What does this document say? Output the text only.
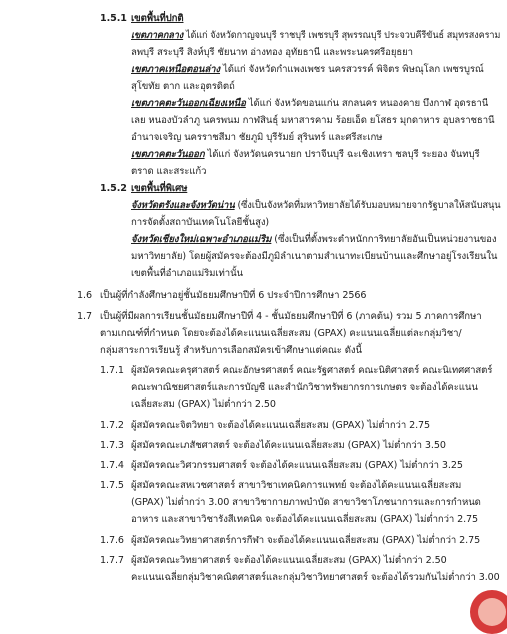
1.5.1 เขตพื้นที่ปกติ
เขตภาคกลาง ได้แก่ จังหวัดกาญจนบุรี ราชบุรี เพชรบุรี สุพรรณบุรี ประจวบคีรีขันธ์ สมุทรสงคราม
ลพบุรี สระบุรี สิงห์บุรี ชัยนาท อ่างทอง อุทัยธานี และพระนครศรีอยุธยา
เขตภาคเหนือตอนล่าง ได้แก่ จังหวัดกำแพงเพชร นครสวรรค์ พิจิตร พิษณุโลก เพชรบูรณ์
สุโขทัย ตาก และอุตรดิตถ์
เขตภาคตะวันออกเฉียงเหนือ ได้แก่ จังหวัดขอนแก่น สกลนคร หนองคาย บึงกาฬ อุดรธานี
เลย หนองบัวลำภู นครพนม กาฬสินธุ์ มหาสารคาม ร้อยเอ็ด ยโสธร มุกดาหาร อุบลราชธานี
อำนาจเจริญ นครราชสีมา ชัยภูมิ บุรีรัมย์ สุรินทร์ และศรีสะเกษ
เขตภาคตะวันออก ได้แก่ จังหวัดนครนายก ปราจีนบุรี ฉะเชิงเทรา ชลบุรี ระยอง จันทบุรี
ตราด และสระแก้ว
1.5.2 เขตพื้นที่พิเศษ
จังหวัดตรังและจังหวัดน่าน (ซึ่งเป็นจังหวัดที่มหาวิทยาลัยได้รับมอบหมายจากรัฐบาลให้สนับสนุน
การจัดตั้งสถาบันเทคโนโลยีชั้นสูง)
จังหวัดเชียงใหม่เฉพาะอำเภอแม่ริม (ซึ่งเป็นที่ตั้งพระตำหนักการิทยาลัยอันเป็นหน่วยงานของ
มหาวิทยาลัย) โดยผู้สมัครจะต้องมีภูมิลำเนาตามสำเนาทะเบียนบ้านและศึกษาอยู่โรงเรียนใน
เขตพื้นที่อำเภอแม่ริมเท่านั้น
1.6 เป็นผู้ที่กำลังศึกษาอยู่ชั้นมัธยมศึกษาปีที่ 6 ประจำปีการศึกษา 2566
1.7 เป็นผู้ที่มีผลการเรียนชั้นมัธยมศึกษาปีที่ 4 - ชั้นมัธยมศึกษาปีที่ 6 (ภาคต้น) รวม 5 ภาคการศึกษา
ตามเกณฑ์ที่กำหนด โดยจะต้องได้คะแนนเฉลี่ยสะสม (GPAX) คะแนนเฉลี่ยแต่ละกลุ่มวิชา/
กลุ่มสาระการเรียนรู้ สำหรับการเลือกสมัครเข้าศึกษาแต่คณะ ดังนี้
1.7.1 ผู้สมัครคณะครุศาสตร์ คณะอักษรศาสตร์ คณะรัฐศาสตร์ คณะนิติศาสตร์ คณะนิเทศศาสตร์
คณะพาณิชยศาสตร์และการบัญชี และสำนักวิชาทรัพยากรการเกษตร จะต้องได้คะแนน
เฉลี่ยสะสม (GPAX) ไม่ต่ำกว่า 2.50
1.7.2 ผู้สมัครคณะจิตวิทยา จะต้องได้คะแนนเฉลี่ยสะสม (GPAX) ไม่ต่ำกว่า 2.75
1.7.3 ผู้สมัครคณะเภสัชศาสตร์ จะต้องได้คะแนนเฉลี่ยสะสม (GPAX) ไม่ต่ำกว่า 3.50
1.7.4 ผู้สมัครคณะวิศวกรรมศาสตร์ จะต้องได้คะแนนเฉลี่ยสะสม (GPAX) ไม่ต่ำกว่า 3.25
1.7.5 ผู้สมัครคณะสหเวชศาสตร์ สาขาวิชาเทคนิคการแพทย์ จะต้องได้คะแนนเฉลี่ยสะสม
(GPAX) ไม่ต่ำกว่า 3.00 สาขาวิชากายภาพบำบัด สาขาวิชาโภชนาการและการกำหนด
อาหาร และสาขาวิชารังสีเทคนิค จะต้องได้คะแนนเฉลี่ยสะสม (GPAX) ไม่ต่ำกว่า 2.75
1.7.6 ผู้สมัครคณะวิทยาศาสตร์การกีฬา จะต้องได้คะแนนเฉลี่ยสะสม (GPAX) ไม่ต่ำกว่า 2.75
1.7.7 ผู้สมัครคณะวิทยาศาสตร์ จะต้องได้คะแนนเฉลี่ยสะสม (GPAX) ไม่ต่ำกว่า 2.50
คะแนนเฉลี่ยกลุ่มวิชาคณิตศาสตร์และกลุ่มวิชาวิทยาศาสตร์ จะต้องได้รวมกันไม่ต่ำกว่า 3.00
